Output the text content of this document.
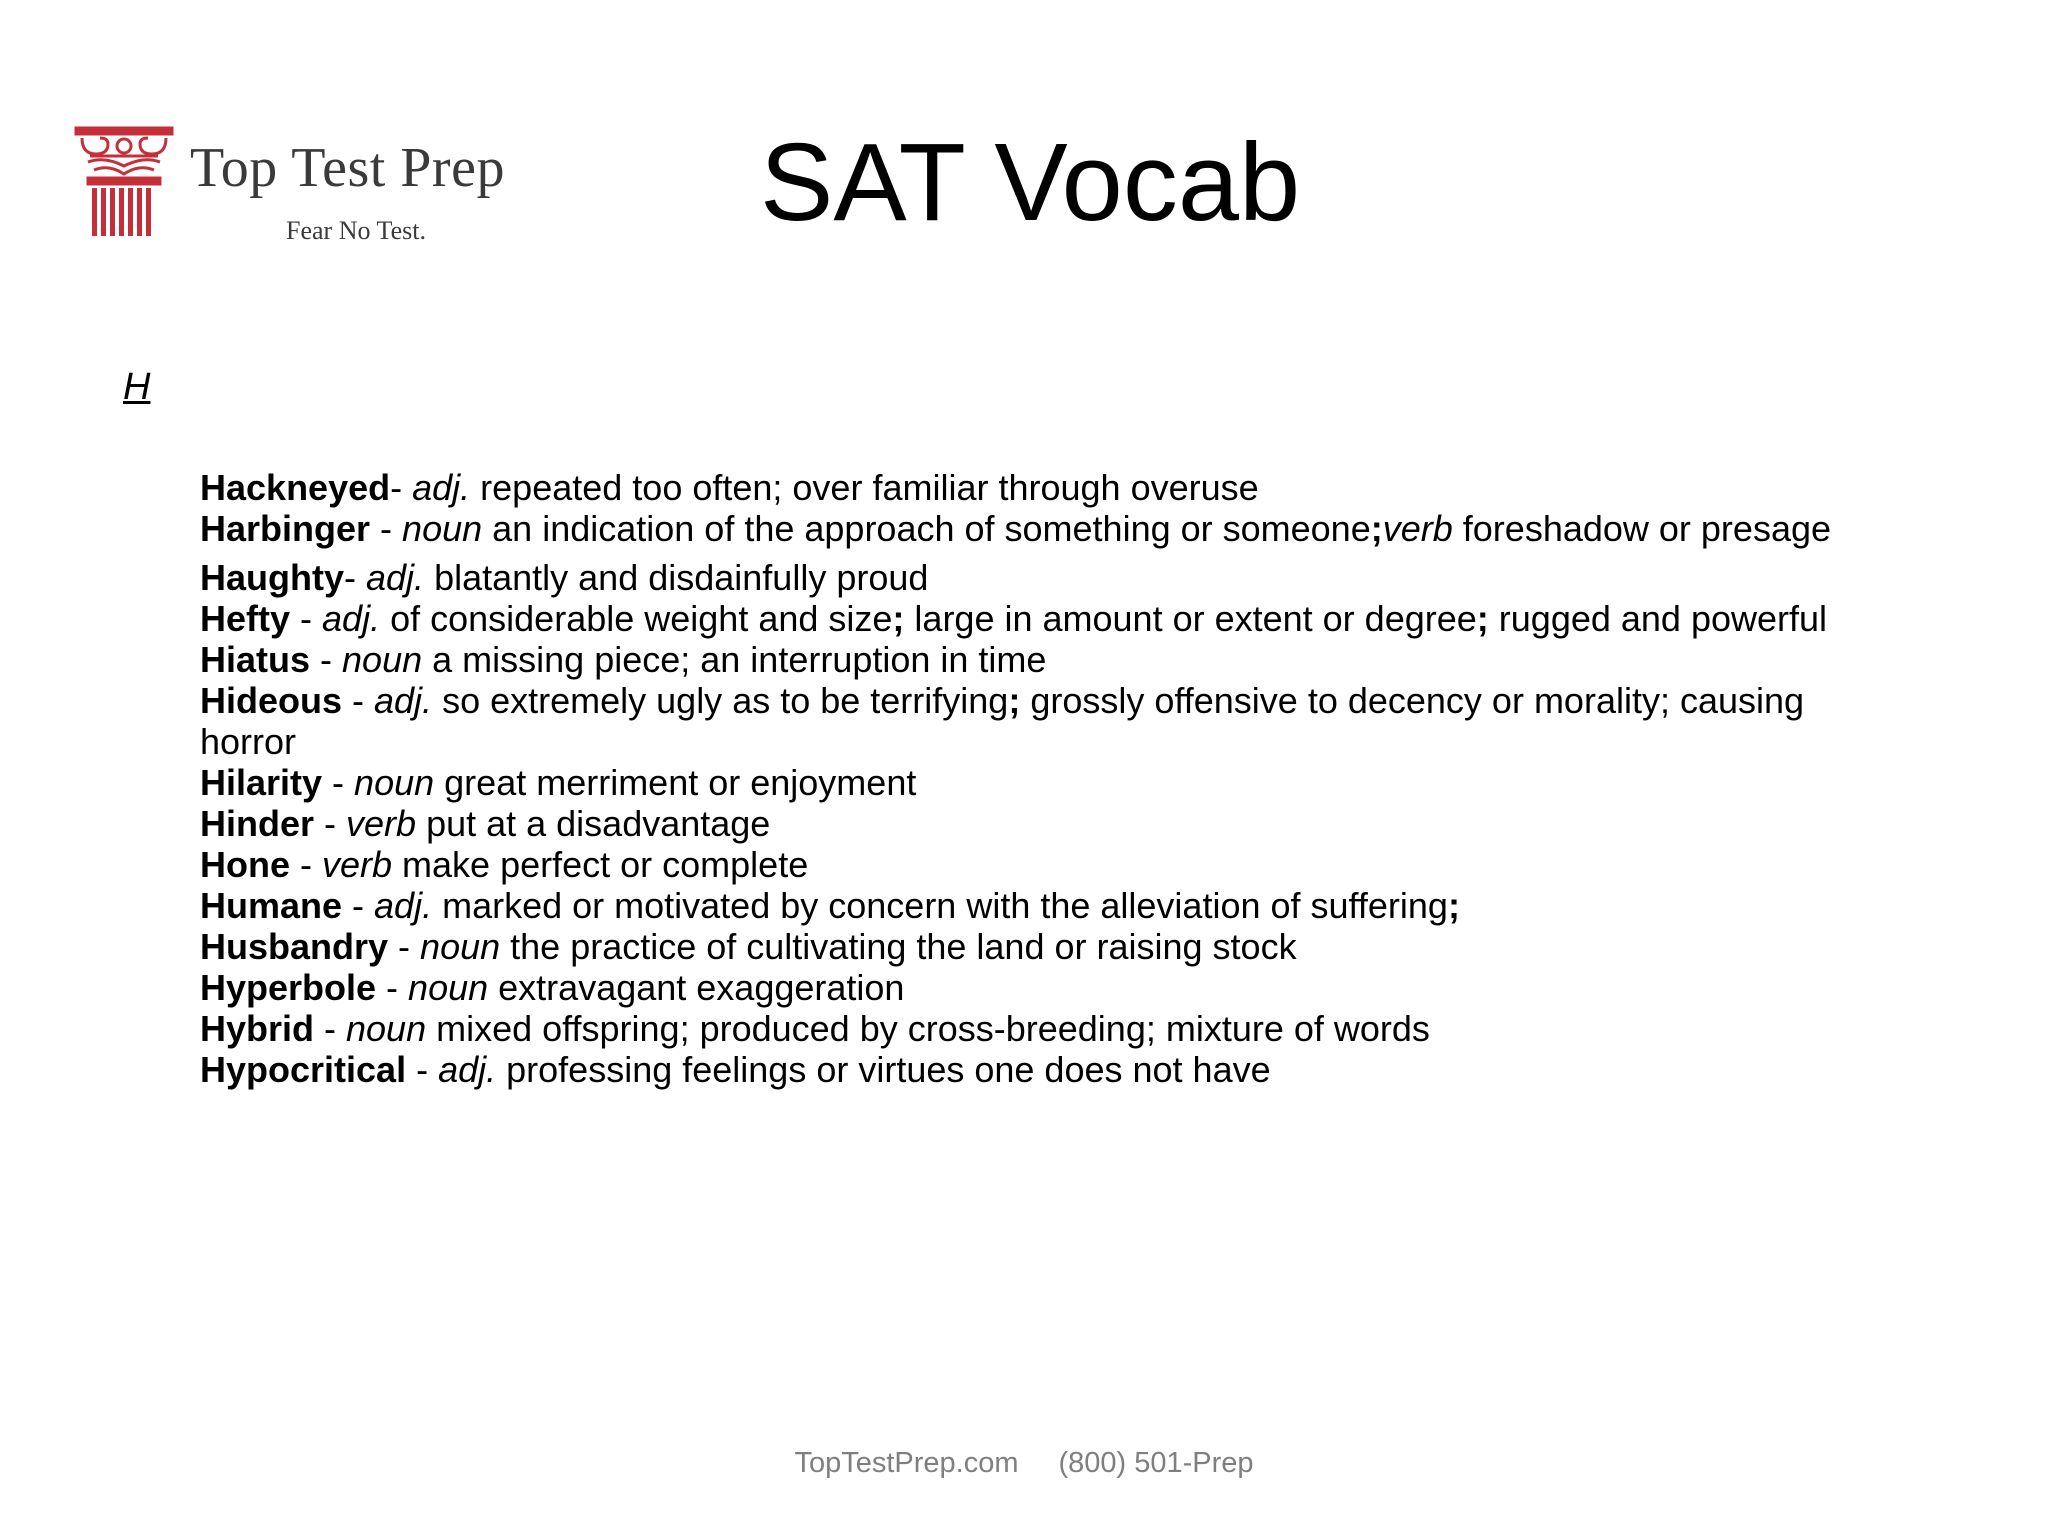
Top Test Prep
Fear No Test.	SAT Vocab
H
Hackneyed- adj. repeated too often; over familiar through overuse
Harbinger - noun an indication of the approach of something or someone;verb foreshadow or presage
Haughty- adj. blatantly and disdainfully proud
Hefty - adj. of considerable weight and size; large in amount or extent or degree; rugged and powerful
Hiatus - noun a missing piece; an interruption in time
Hideous - adj. so extremely ugly as to be terrifying; grossly offensive to decency or morality; causing horror
Hilarity - noun great merriment or enjoyment
Hinder - verb put at a disadvantage
Hone - verb make perfect or complete
Humane - adj. marked or motivated by concern with the alleviation of suffering;
Husbandry - noun the practice of cultivating the land or raising stock
Hyperbole - noun extravagant exaggeration
Hybrid - noun mixed offspring; produced by cross-breeding; mixture of words
Hypocritical - adj. professing feelings or virtues one does not have
TopTestPrep.com (800) 501-Prep
